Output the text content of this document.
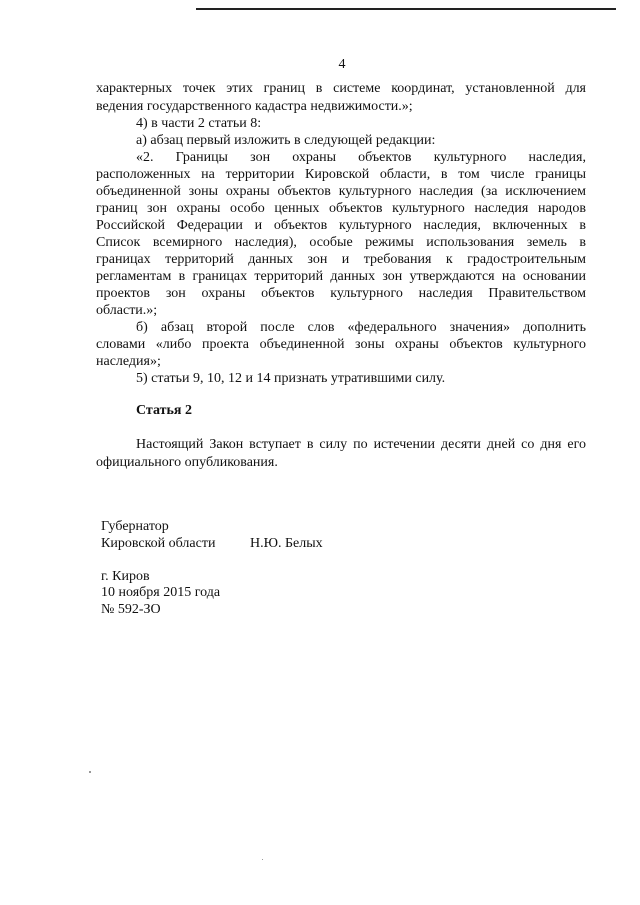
4
характерных точек этих границ в системе координат, установленной для
ведения государственного кадастра недвижимости.»;
4) в части 2 статьи 8:
а) абзац первый изложить в следующей редакции:
«2. Границы зон охраны объектов культурного наследия,
расположенных на территории Кировской области, в том числе границы
объединенной зоны охраны объектов культурного наследия (за исключением
границ зон охраны особо ценных объектов культурного наследия народов
Российской Федерации и объектов культурного наследия, включенных в
Список всемирного наследия), особые режимы использования земель в
границах территорий данных зон и требования к градостроительным
регламентам в границах территорий данных зон утверждаются на основании
проектов зон охраны объектов культурного наследия Правительством
области.»;
б) абзац второй после слов «федерального значения» дополнить
словами «либо проекта объединенной зоны охраны объектов культурного
наследия»;
5) статьи 9, 10, 12 и 14 признать утратившими силу.
Статья 2
Настоящий Закон вступает в силу по истечении десяти дней со дня его
официального опубликования.
Губернатор
Кировской области Н.Ю. Белых
г. Киров
10 ноября 2015 года
№ 592-ЗО
